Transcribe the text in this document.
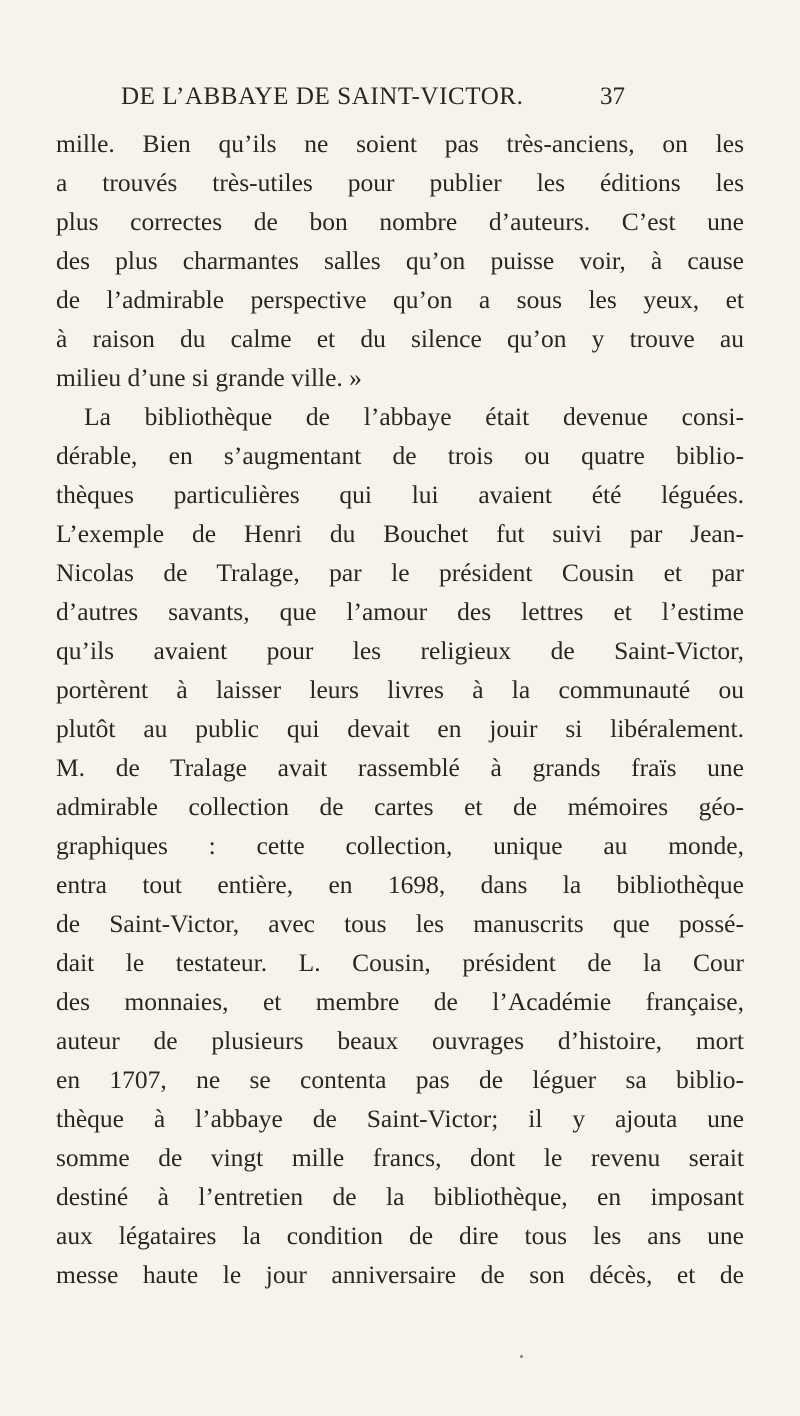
DE L’ABBAYE DE SAINT-VICTOR.	37
mille. Bien qu’ils ne soient pas très-anciens, on les
a trouvés très-utiles pour publier les éditions les
plus correctes de bon nombre d’auteurs. C’est une
des plus charmantes salles qu’on puisse voir, à cause
de l’admirable perspective qu’on a sous les yeux, et
à raison du calme et du silence qu’on y trouve au
milieu d’une si grande ville. »
La bibliothèque de l’abbaye était devenue consi-
dérable, en s’augmentant de trois ou quatre biblio-
thèques particulières qui lui avaient été léguées.
L’exemple de Henri du Bouchet fut suivi par Jean-
Nicolas de Tralage, par le président Cousin et par
d’autres savants, que l’amour des lettres et l’estime
qu’ils avaient pour les religieux de Saint-Victor,
portèrent à laisser leurs livres à la communauté ou
plutôt au public qui devait en jouir si libéralement.
M. de Tralage avait rassemblé à grands fraïs une
admirable collection de cartes et de mémoires géo-
graphiques : cette collection, unique au monde,
entra tout entière, en 1698, dans la bibliothèque
de Saint-Victor, avec tous les manuscrits que possé-
dait le testateur. L. Cousin, président de la Cour
des monnaies, et membre de l’Académie française,
auteur de plusieurs beaux ouvrages d’histoire, mort
en 1707, ne se contenta pas de léguer sa biblio-
thèque à l’abbaye de Saint-Victor; il y ajouta une
somme de vingt mille francs, dont le revenu serait
destiné à l’entretien de la bibliothèque, en imposant
aux légataires la condition de dire tous les ans une
messe haute le jour anniversaire de son décès, et de
